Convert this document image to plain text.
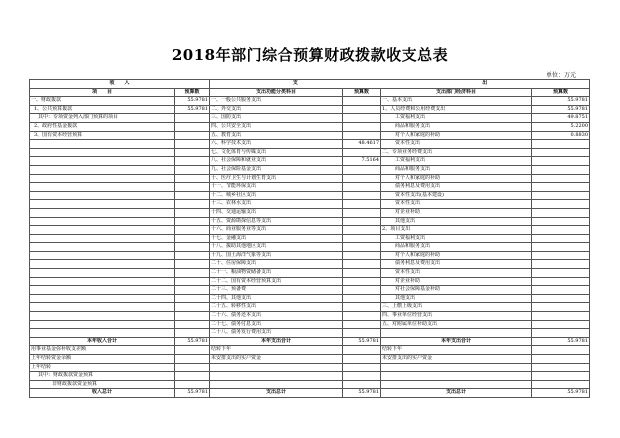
2018年部门综合预算财政拨款收支总表
单位：万元
收　　入		支		出	
项　　目	预算数	支出功能分类科目	预算数	支出部门经济科目	预算数
一、财政拨款	55.9781	一、一般公共服务支出		一、基本支出	55.9781
1、公共预算拨款	55.9781	二、外交支出		1、人员经费和公用经费支出	55.9781
其中：专项资金列入部门预算的项目		三、国防支出		工资福利支出	49.8751
2、政府性基金拨款		四、公共安全支出		商品和服务支出	5.2200
3、国有资本经营预算		五、教育支出		对个人和家庭的补助	0.8830
		六、科学技术支出	48.4617	资本性支出	
		七、文化体育与传媒支出		二、专项业务经费支出	
		八、社会保障和就业支出	7.5164	工资福利支出	
		九、社会保险基金支出		商品和服务支出	
		十、医疗卫生与计划生育支出		对个人和家庭的补助	
		十一、节能环保支出		债务利息及费用支出	
		十二、城乡社区支出		资本性支出(基本建设)	
		十三、农林水支出		资本性支出	
		十四、交通运输支出		对企业补助	
		十五、资源勘探信息等支出		其他支出	
		十六、商业服务业等支出		2、项目支出	
		十七、金融支出		工资福利支出	
		十八、援助其他地区支出		商品和服务支出	
		十九、国土海洋气象等支出		对个人和家庭的补助	
		二十、住房保障支出		债务利息及费用支出	
		二十一、粮油物资储备支出		资本性支出	
		二十二、国有资本经营预算支出		对企业补助	
		二十三、预备费		对社会保障基金补助	
		二十四、其他支出		其他支出	
		二十五、转移性支出		三、上缴上级支出	
		二十六、债务还本支出		四、事业单位经营支出	
		二十七、债务付息支出		五、对附属单位补助支出	
		二十八、债务发行费用支出			
本年收入合计	55.9781	本年支出合计	55.9781	本年支出合计	55.9781
用事业基金弥补收支差额		结转下年		结转下年	
上年结转资金余额		未安排支出的实户资金		未安排支出的实户资金	
上年结转					
其中：财政拨款资金预算					
非财政拨款资金预算					
收入总计	55.9781	支出总计	55.9781	支出总计	55.9781
